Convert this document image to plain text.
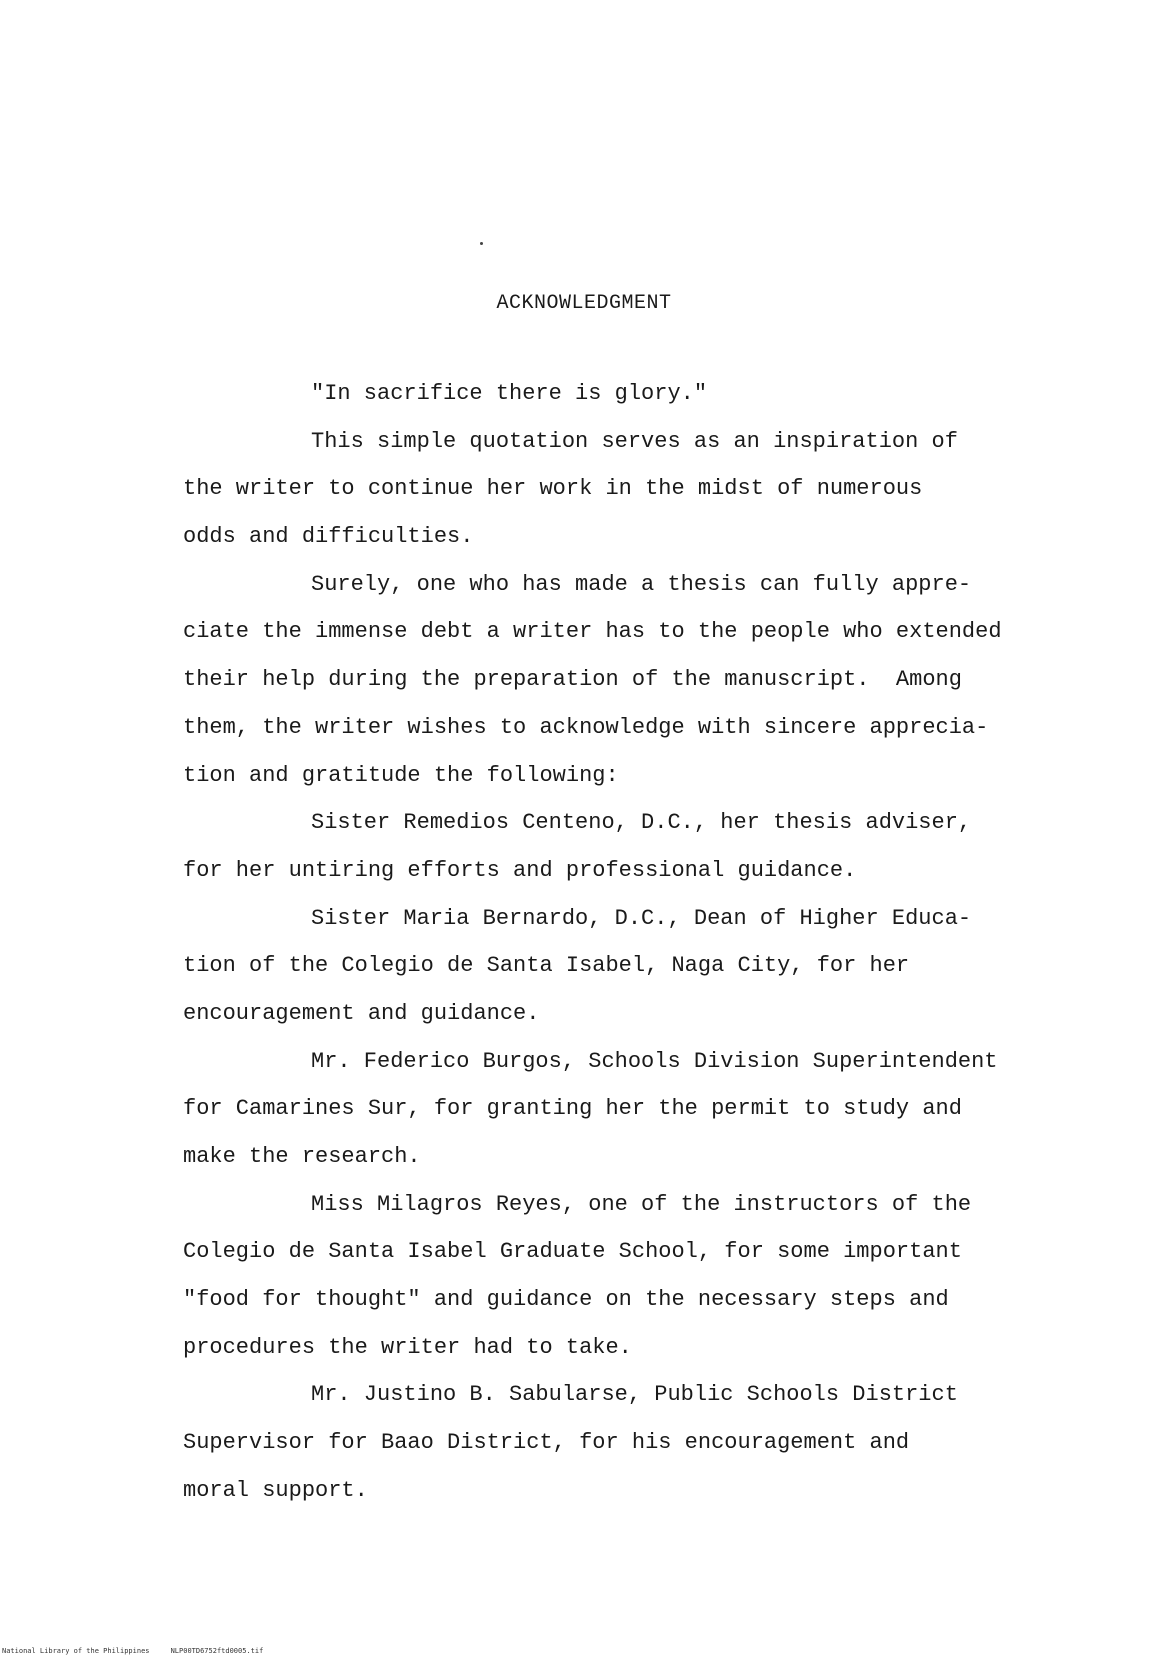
ACKNOWLEDGMENT
"In sacrifice there is glory."
This simple quotation serves as an inspiration of
the writer to continue her work in the midst of numerous
odds and difficulties.
Surely, one who has made a thesis can fully appre-
ciate the immense debt a writer has to the people who extended
their help during the preparation of the manuscript.  Among
them, the writer wishes to acknowledge with sincere apprecia-
tion and gratitude the following:
Sister Remedios Centeno, D.C., her thesis adviser,
for her untiring efforts and professional guidance.
Sister Maria Bernardo, D.C., Dean of Higher Educa-
tion of the Colegio de Santa Isabel, Naga City, for her
encouragement and guidance.
Mr. Federico Burgos, Schools Division Superintendent
for Camarines Sur, for granting her the permit to study and
make the research.
Miss Milagros Reyes, one of the instructors of the
Colegio de Santa Isabel Graduate School, for some important
"food for thought" and guidance on the necessary steps and
procedures the writer had to take.
Mr. Justino B. Sabularse, Public Schools District
Supervisor for Baao District, for his encouragement and
moral support.
National Library of the Philippines	NLP00TD6752ftd0005.tif
